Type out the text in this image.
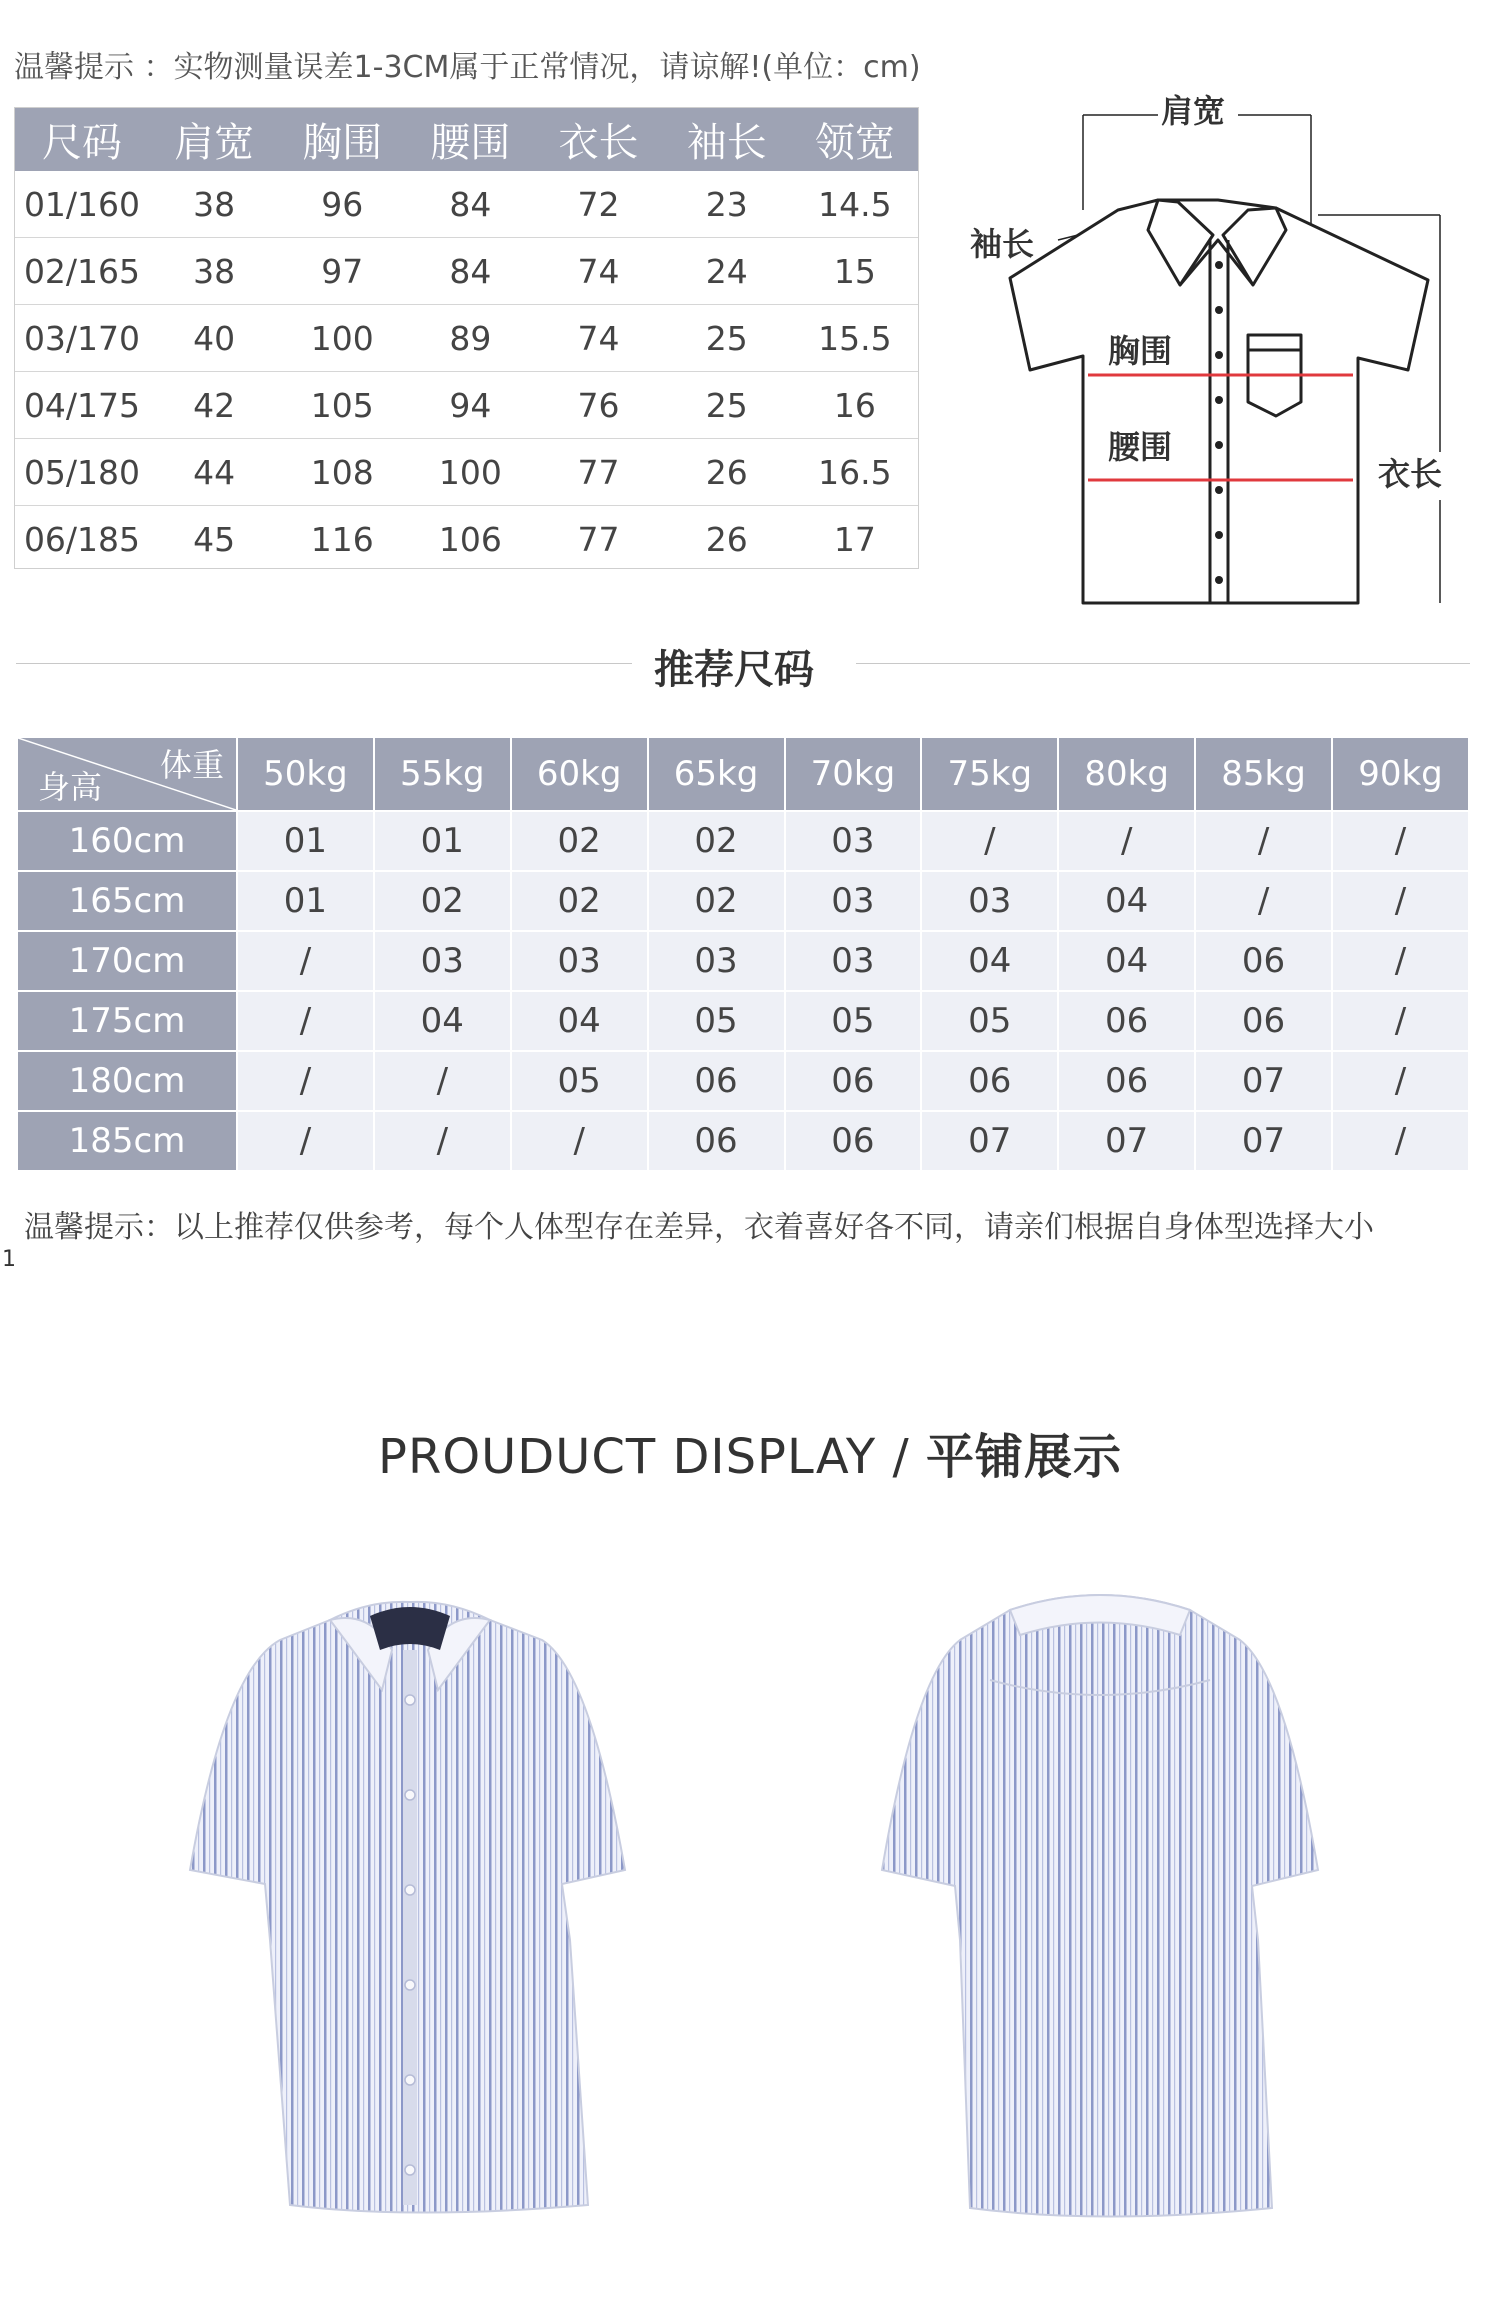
温馨提示 ：实物测量误差1-3CM属于正常情况，请谅解!(单位：cm)
尺码	肩宽	胸围	腰围	衣长	袖长	领宽
01/160	38	96	84	72	23	14.5
02/165	38	97	84	74	24	15
03/170	40	100	89	74	25	15.5
04/175	42	105	94	76	25	16
05/180	44	108	100	77	26	16.5
06/185	45	116	106	77	26	17
肩宽
袖长
胸围
腰围
衣长
推荐尺码
体重
身高	50kg	55kg	60kg	65kg	70kg	75kg	80kg	85kg	90kg
160cm	01	01	02	02	03	/	/	/	/
165cm	01	02	02	02	03	03	04	/	/
170cm	/	03	03	03	03	04	04	06	/
175cm	/	04	04	05	05	05	06	06	/
180cm	/	/	05	06	06	06	06	07	/
185cm	/	/	/	06	06	07	07	07	/
温馨提示：以上推荐仅供参考，每个人体型存在差异，衣着喜好各不同，请亲们根据自身体型选择大小
1
PROUDUCT DISPLAY / 平铺展示
